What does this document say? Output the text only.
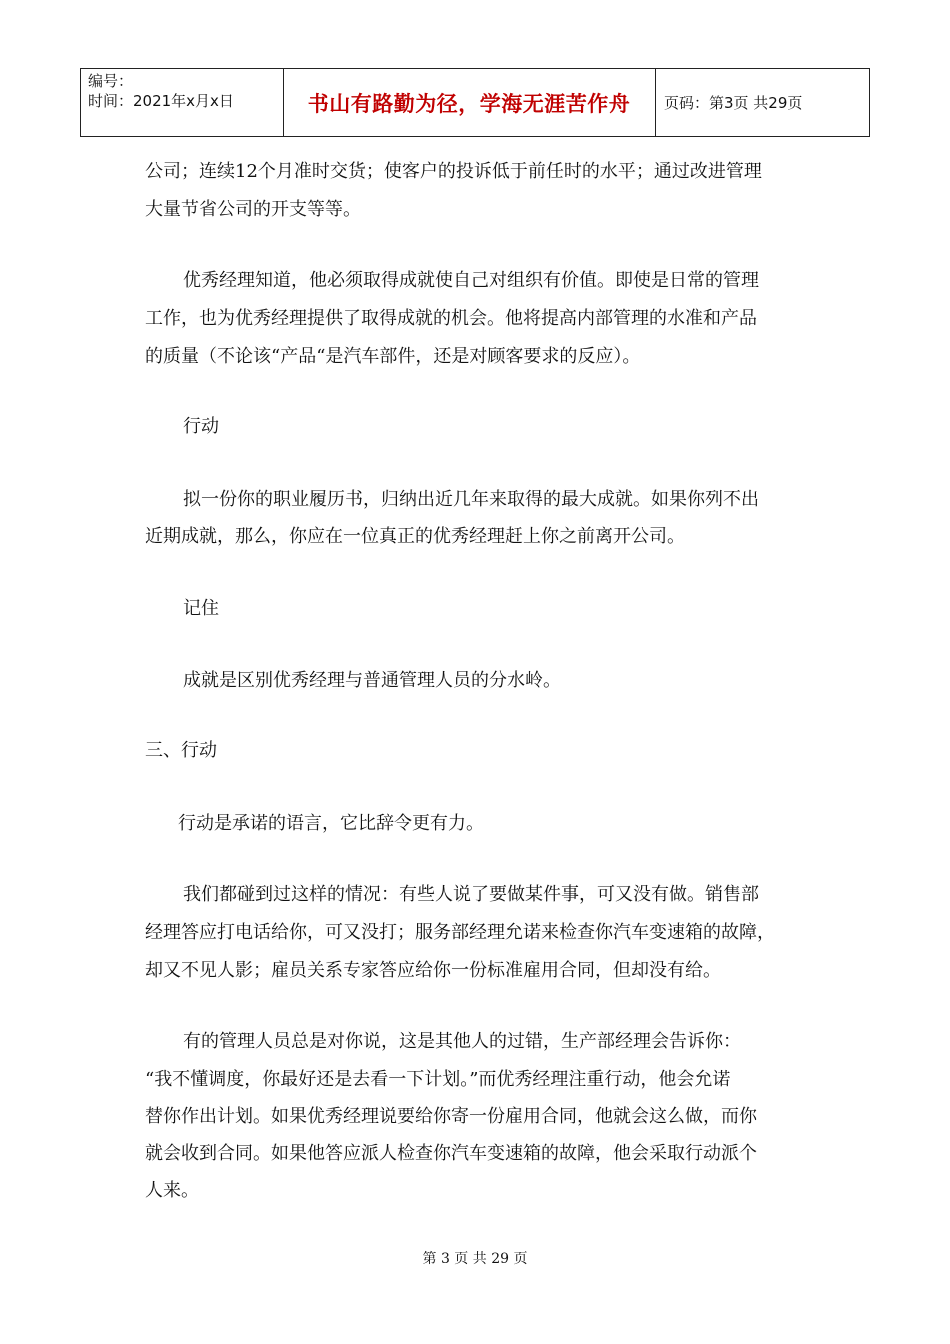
编号：
时间：2021年x月x日	书山有路勤为径，学海无涯苦作舟	页码：第3页 共29页
公司；连续12个月准时交货；使客户的投诉低于前任时的水平；通过改进管理
大量节省公司的开支等等。
优秀经理知道，他必须取得成就使自己对组织有价值。即使是日常的管理
工作，也为优秀经理提供了取得成就的机会。他将提高内部管理的水准和产品
的质量（不论该“产品“是汽车部件，还是对顾客要求的反应）。
行动
拟一份你的职业履历书，归纳出近几年来取得的最大成就。如果你列不出
近期成就，那么，你应在一位真正的优秀经理赶上你之前离开公司。
记住
成就是区别优秀经理与普通管理人员的分水岭。
三、行动
行动是承诺的语言，它比辞令更有力。
我们都碰到过这样的情况：有些人说了要做某件事，可又没有做。销售部
经理答应打电话给你，可又没打；服务部经理允诺来检查你汽车变速箱的故障，
却又不见人影；雇员关系专家答应给你一份标准雇用合同，但却没有给。
有的管理人员总是对你说，这是其他人的过错，生产部经理会告诉你：
“我不懂调度，你最好还是去看一下计划。”而优秀经理注重行动，他会允诺
替你作出计划。如果优秀经理说要给你寄一份雇用合同，他就会这么做，而你
就会收到合同。如果他答应派人检查你汽车变速箱的故障，他会采取行动派个
人来。
第 3 页 共 29 页
